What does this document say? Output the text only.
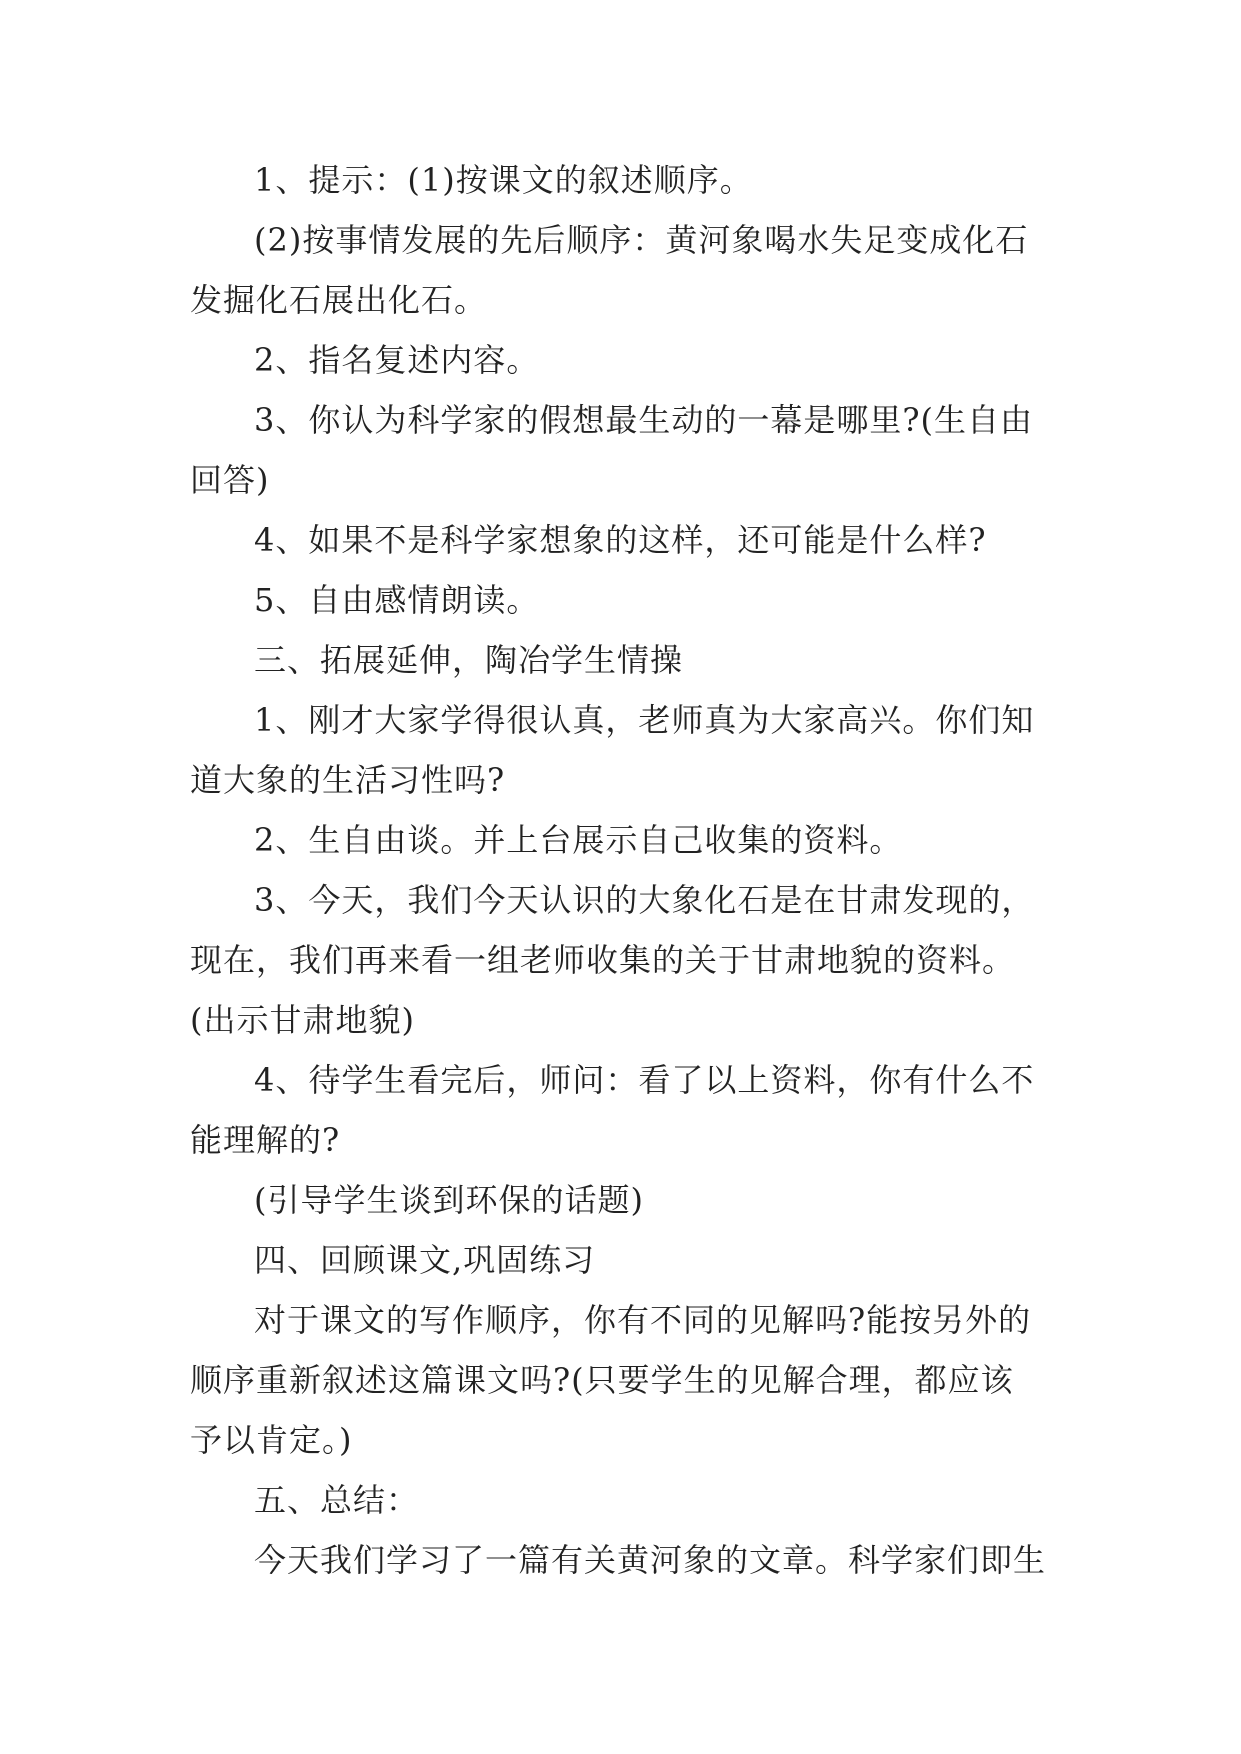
1、提示：(1)按课文的叙述顺序。

(2)按事情发展的先后顺序：黄河象喝水失足变成化石发掘化石展出化石。

2、指名复述内容。

3、你认为科学家的假想最生动的一幕是哪里?(生自由回答)

4、如果不是科学家想象的这样，还可能是什么样?

5、自由感情朗读。

三、拓展延伸，陶冶学生情操

1、刚才大家学得很认真，老师真为大家高兴。你们知道大象的生活习性吗?

2、生自由谈。并上台展示自己收集的资料。

3、今天，我们今天认识的大象化石是在甘肃发现的，现在，我们再来看一组老师收集的关于甘肃地貌的资料。(出示甘肃地貌)

4、待学生看完后，师问：看了以上资料，你有什么不能理解的?

(引导学生谈到环保的话题)

四、回顾课文,巩固练习

对于课文的写作顺序，你有不同的见解吗?能按另外的顺序重新叙述这篇课文吗?(只要学生的见解合理，都应该予以肯定。)

五、总结：

今天我们学习了一篇有关黄河象的文章。科学家们即生
